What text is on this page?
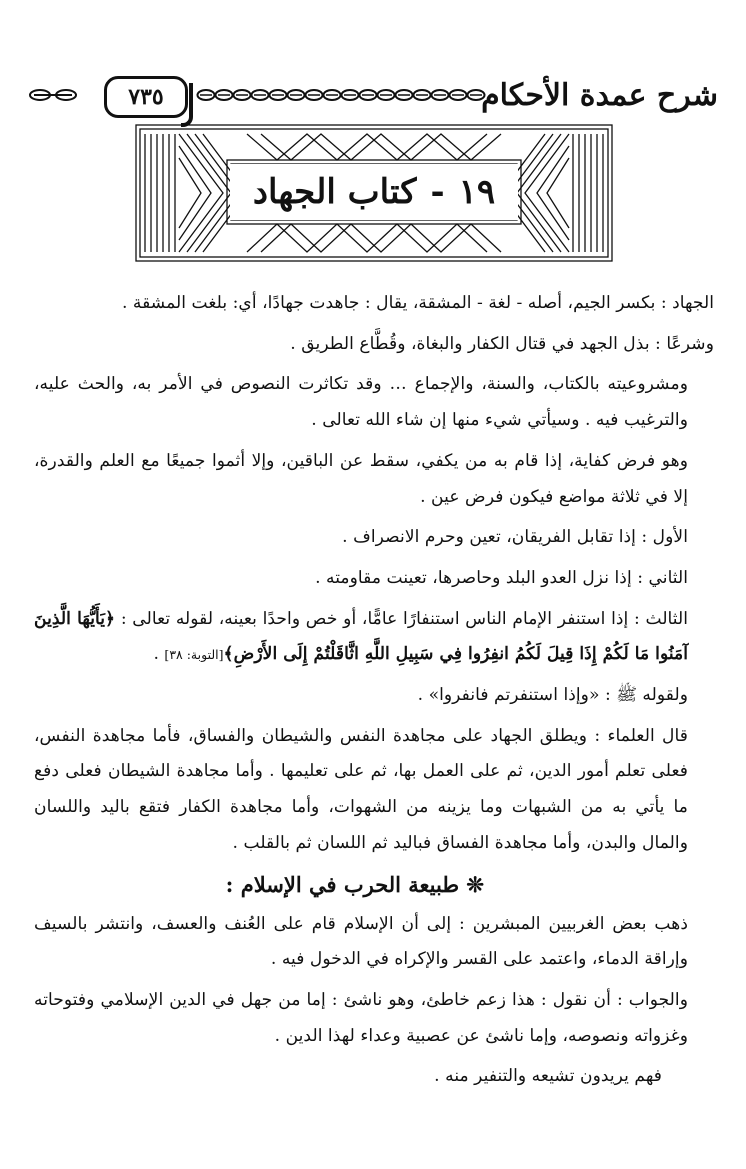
٧٣٥	شرح عمدة الأحكام
١٩
-
كتاب الجهاد

الجهاد : بكسر الجيم، أصله - لغة - المشقة، يقال : جاهدت جهادًا، أي: بلغت المشقة .

وشرعًا : بذل الجهد في قتال الكفار والبغاة، وقُطَّاع الطريق .

ومشروعيته بالكتاب، والسنة، والإجماع … وقد تكاثرت النصوص في الأمر به، والحث عليه، والترغيب فيه . وسيأتي شيء منها إن شاء الله تعالى .

وهو فرض كفاية، إذا قام به من يكفي، سقط عن الباقين، وإلا أثموا جميعًا مع العلم والقدرة، إلا في ثلاثة مواضع فيكون فرض عين .

الأول : إذا تقابل الفريقان، تعين وحرم الانصراف .

الثاني : إذا نزل العدو البلد وحاصرها، تعينت مقاومته .

الثالث : إذا استنفر الإمام الناس استنفارًا عامًّا، أو خص واحدًا بعينه، لقوله تعالى : ﴿يَأَيُّهَا الَّذِينَ آمَنُوا مَا لَكُمْ إِذَا قِيلَ لَكُمُ انفِرُوا فِي سَبِيلِ اللَّهِ اثَّاقَلْتُمْ إِلَى الأَرْضِ﴾[التوبة: ٣٨] .

ولقوله ﷺ : «وإذا استنفرتم فانفروا» .

قال العلماء : ويطلق الجهاد على مجاهدة النفس والشيطان والفساق، فأما مجاهدة النفس، فعلى تعلم أمور الدين، ثم على العمل بها، ثم على تعليمها . وأما مجاهدة الشيطان فعلى دفع ما يأتي به من الشبهات وما يزينه من الشهوات، وأما مجاهدة الكفار فتقع باليد واللسان والمال والبدن، وأما مجاهدة الفساق فباليد ثم اللسان ثم بالقلب .

❊ طبيعة الحرب في الإسلام :

ذهب بعض الغربيين المبشرين : إلى أن الإسلام قام على العُنف والعسف، وانتشر بالسيف وإراقة الدماء، واعتمد على القسر والإكراه في الدخول فيه .

والجواب : أن نقول : هذا زعم خاطئ، وهو ناشئ : إما من جهل في الدين الإسلامي وفتوحاته وغزواته ونصوصه، وإما ناشئ عن عصبية وعداء لهذا الدين .

فهم يريدون تشيعه والتنفير منه .
